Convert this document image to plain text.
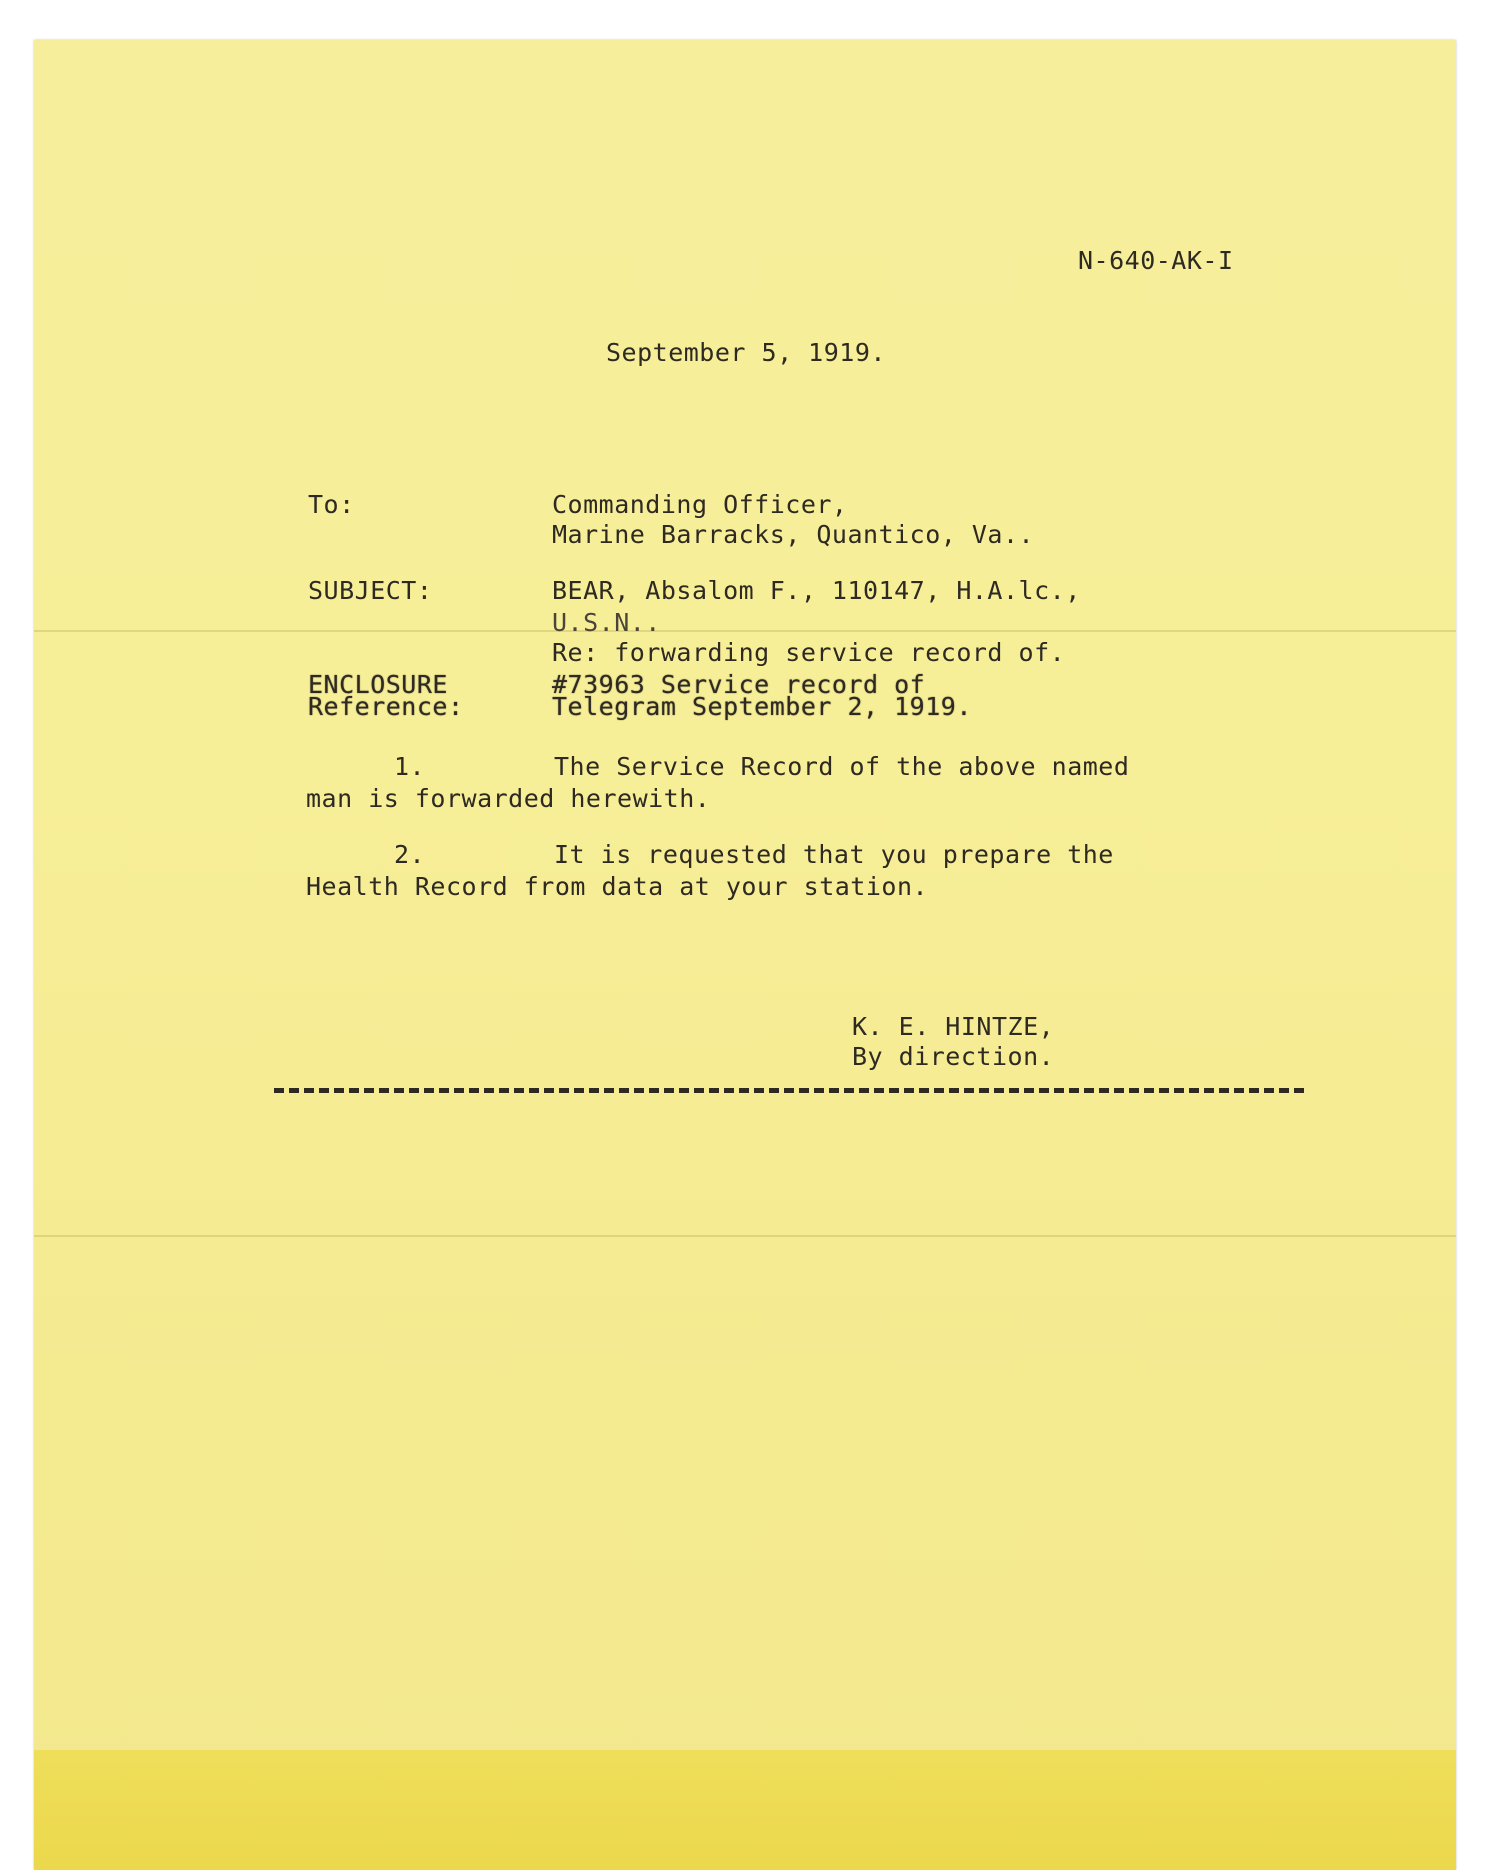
N-640-AK-I
September 5, 1919.
To:	Commanding Officer,
Marine Barracks, Quantico, Va..
SUBJECT:	BEAR, Absalom F., 110147, H.A.lc.,
U.S.N..
Re: forwarding service record of.
ENCLOSURE	#73963 Service record of
Reference:	Telegram September 2, 1919.
1.	The Service Record of the above named
man is forwarded herewith.
2.	It is requested that you prepare the
Health Record from data at your station.
K. E. HINTZE,
By direction.
